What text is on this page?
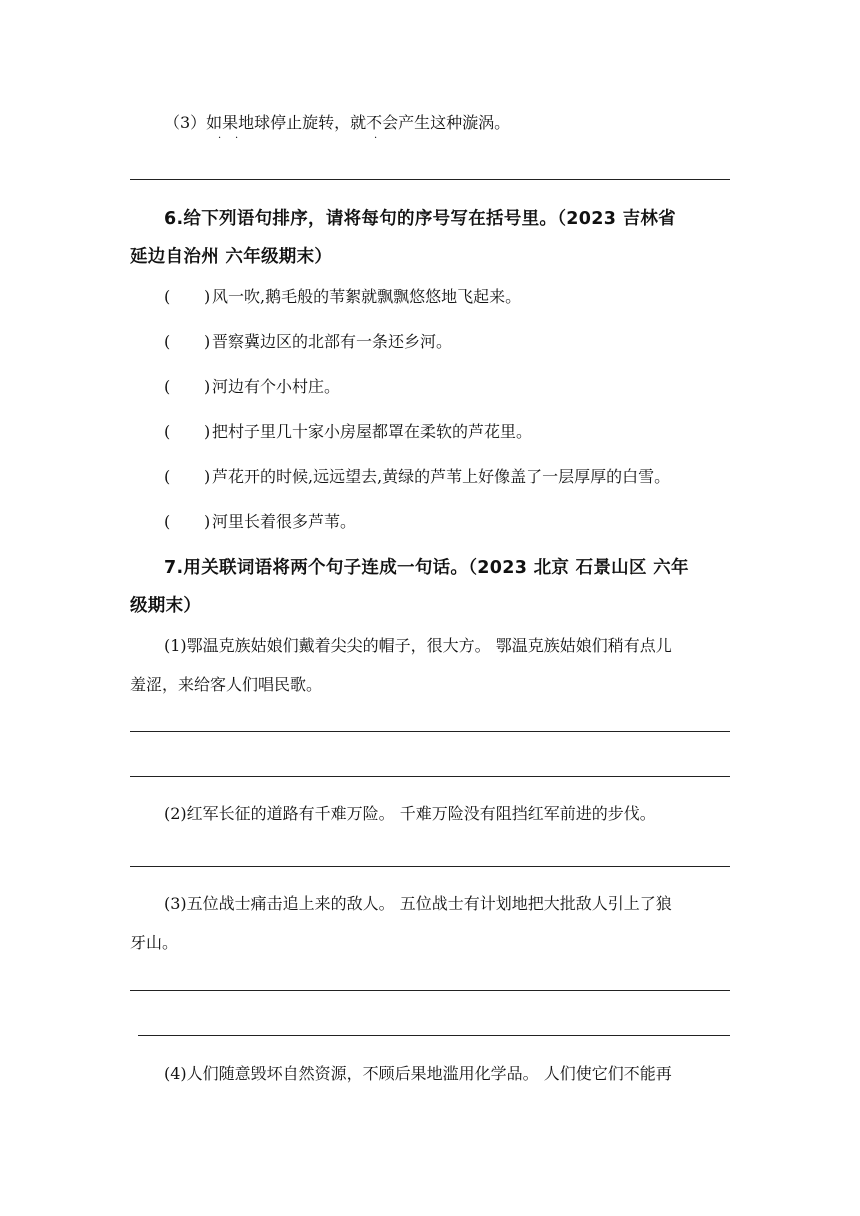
（3）如果地球停止旋转，就不会产生这种漩涡。
· ·	·
6.给下列语句排序，请将每句的序号写在括号里。（2023 吉林省
延边自治州 六年级期末）
( ) 风一吹,鹅毛般的苇絮就飘飘悠悠地飞起来。
( ) 晋察冀边区的北部有一条还乡河。
( ) 河边有个小村庄。
( ) 把村子里几十家小房屋都罩在柔软的芦花里。
( ) 芦花开的时候,远远望去,黄绿的芦苇上好像盖了一层厚厚的白雪。
( ) 河里长着很多芦苇。
7.用关联词语将两个句子连成一句话。（2023 北京 石景山区 六年
级期末）
(1)鄂温克族姑娘们戴着尖尖的帽子，很大方。 鄂温克族姑娘们稍有点儿
羞涩，来给客人们唱民歌。
(2)红军长征的道路有千难万险。 千难万险没有阻挡红军前进的步伐。
(3)五位战士痛击追上来的敌人。 五位战士有计划地把大批敌人引上了狼
牙山。
(4)人们随意毁坏自然资源，不顾后果地滥用化学品。 人们使它们不能再
